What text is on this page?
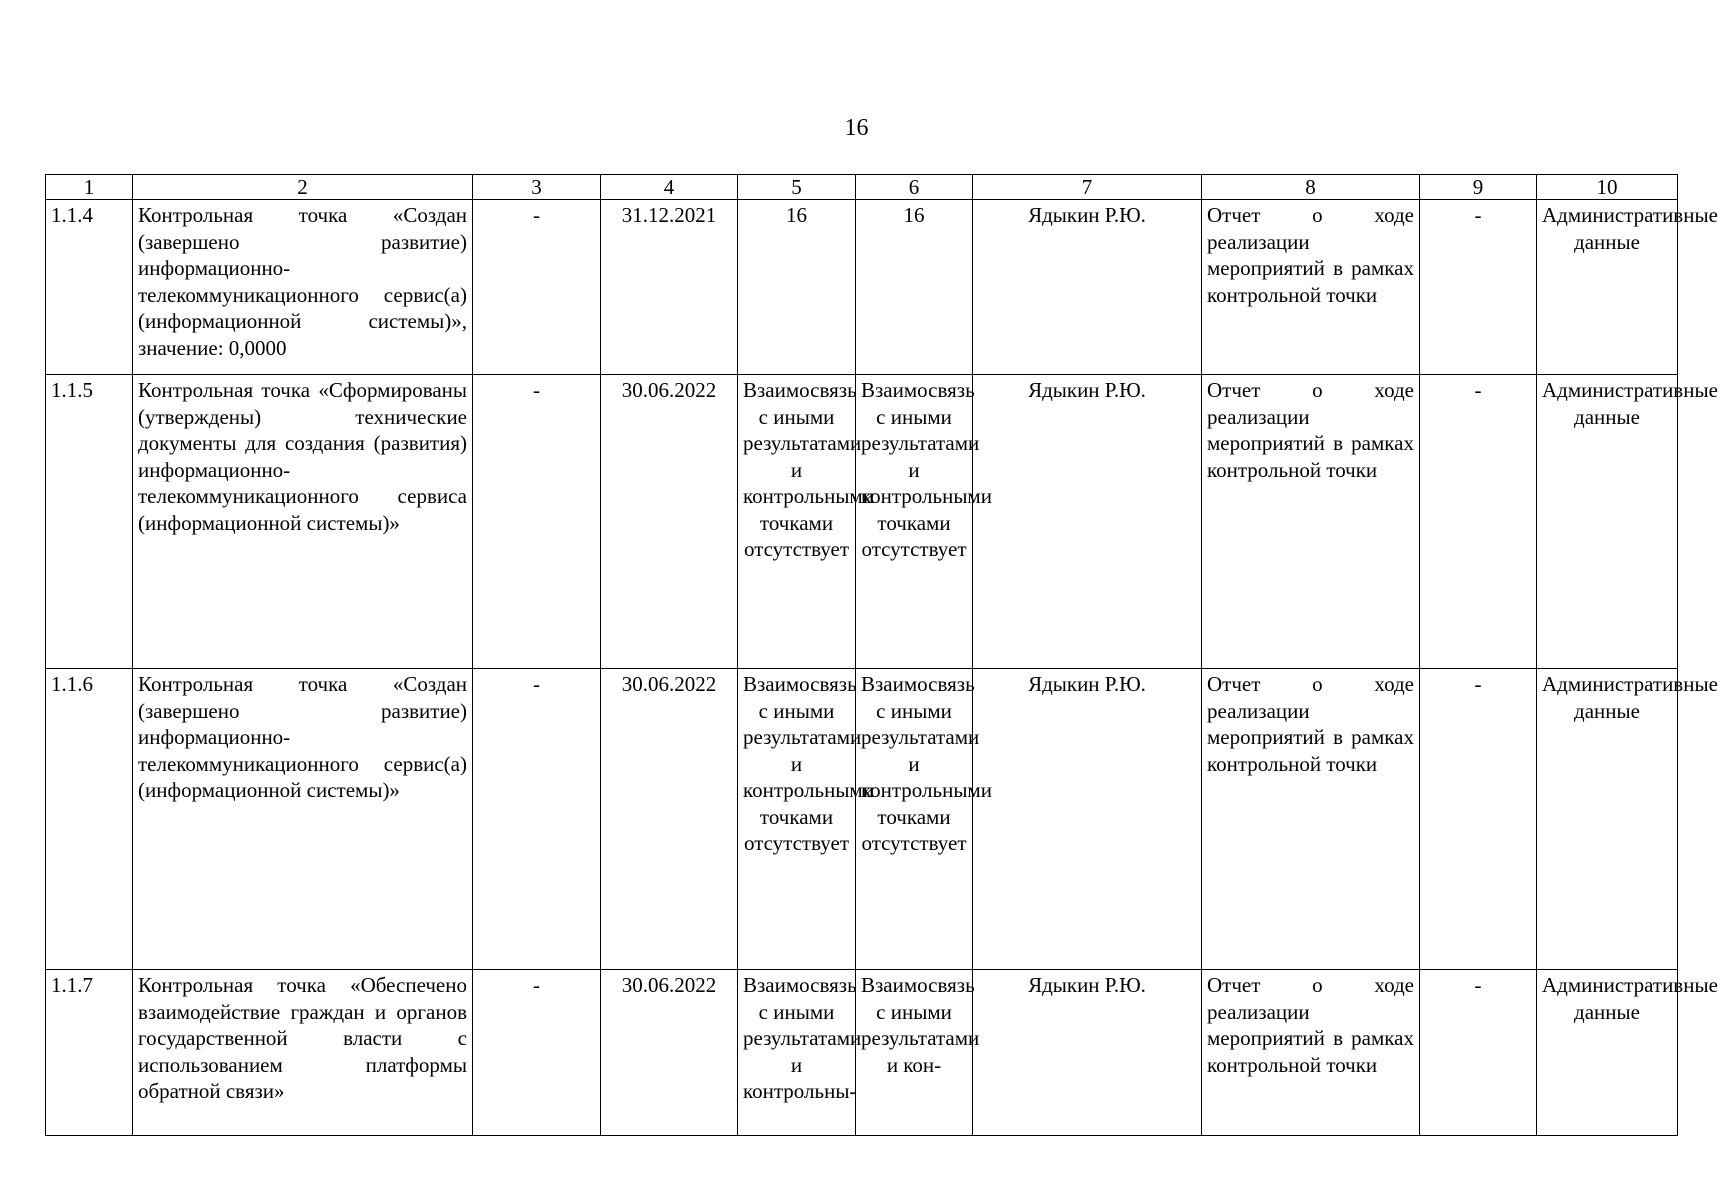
16
1	2	3	4	5	6	7	8	9	10
1.1.4	Контрольная точка «Создан (завершено развитие) информационно-телекоммуникационного сервис(а) (информационной системы)», значение: 0,0000	-	31.12.2021	16	16	Ядыкин Р.Ю.	Отчет о ходе реализации мероприятий в рамках контрольной точки	-	Административные данные
1.1.5	Контрольная точка «Сформированы (утверждены) технические документы для создания (развития) информационно-телекоммуникационного сервиса (информационной системы)»	-	30.06.2022	Взаимосвязь с иными результатами и контрольными точками отсутствует	Взаимосвязь с иными результатами и контрольными точками отсутствует	Ядыкин Р.Ю.	Отчет о ходе реализации мероприятий в рамках контрольной точки	-	Административные данные
1.1.6	Контрольная точка «Создан (завершено развитие) информационно-телекоммуникационного сервис(а) (информационной системы)»	-	30.06.2022	Взаимосвязь с иными результатами и контрольными точками отсутствует	Взаимосвязь с иными результатами и контрольными точками отсутствует	Ядыкин Р.Ю.	Отчет о ходе реализации мероприятий в рамках контрольной точки	-	Административные данные
1.1.7	Контрольная точка «Обеспечено взаимодействие граждан и органов государственной власти с использованием платформы обратной связи»	-	30.06.2022	Взаимосвязь с иными результатами и контрольны-	Взаимосвязь с иными результатами и кон-	Ядыкин Р.Ю.	Отчет о ходе реализации мероприятий в рамках контрольной точки	-	Административные данные
